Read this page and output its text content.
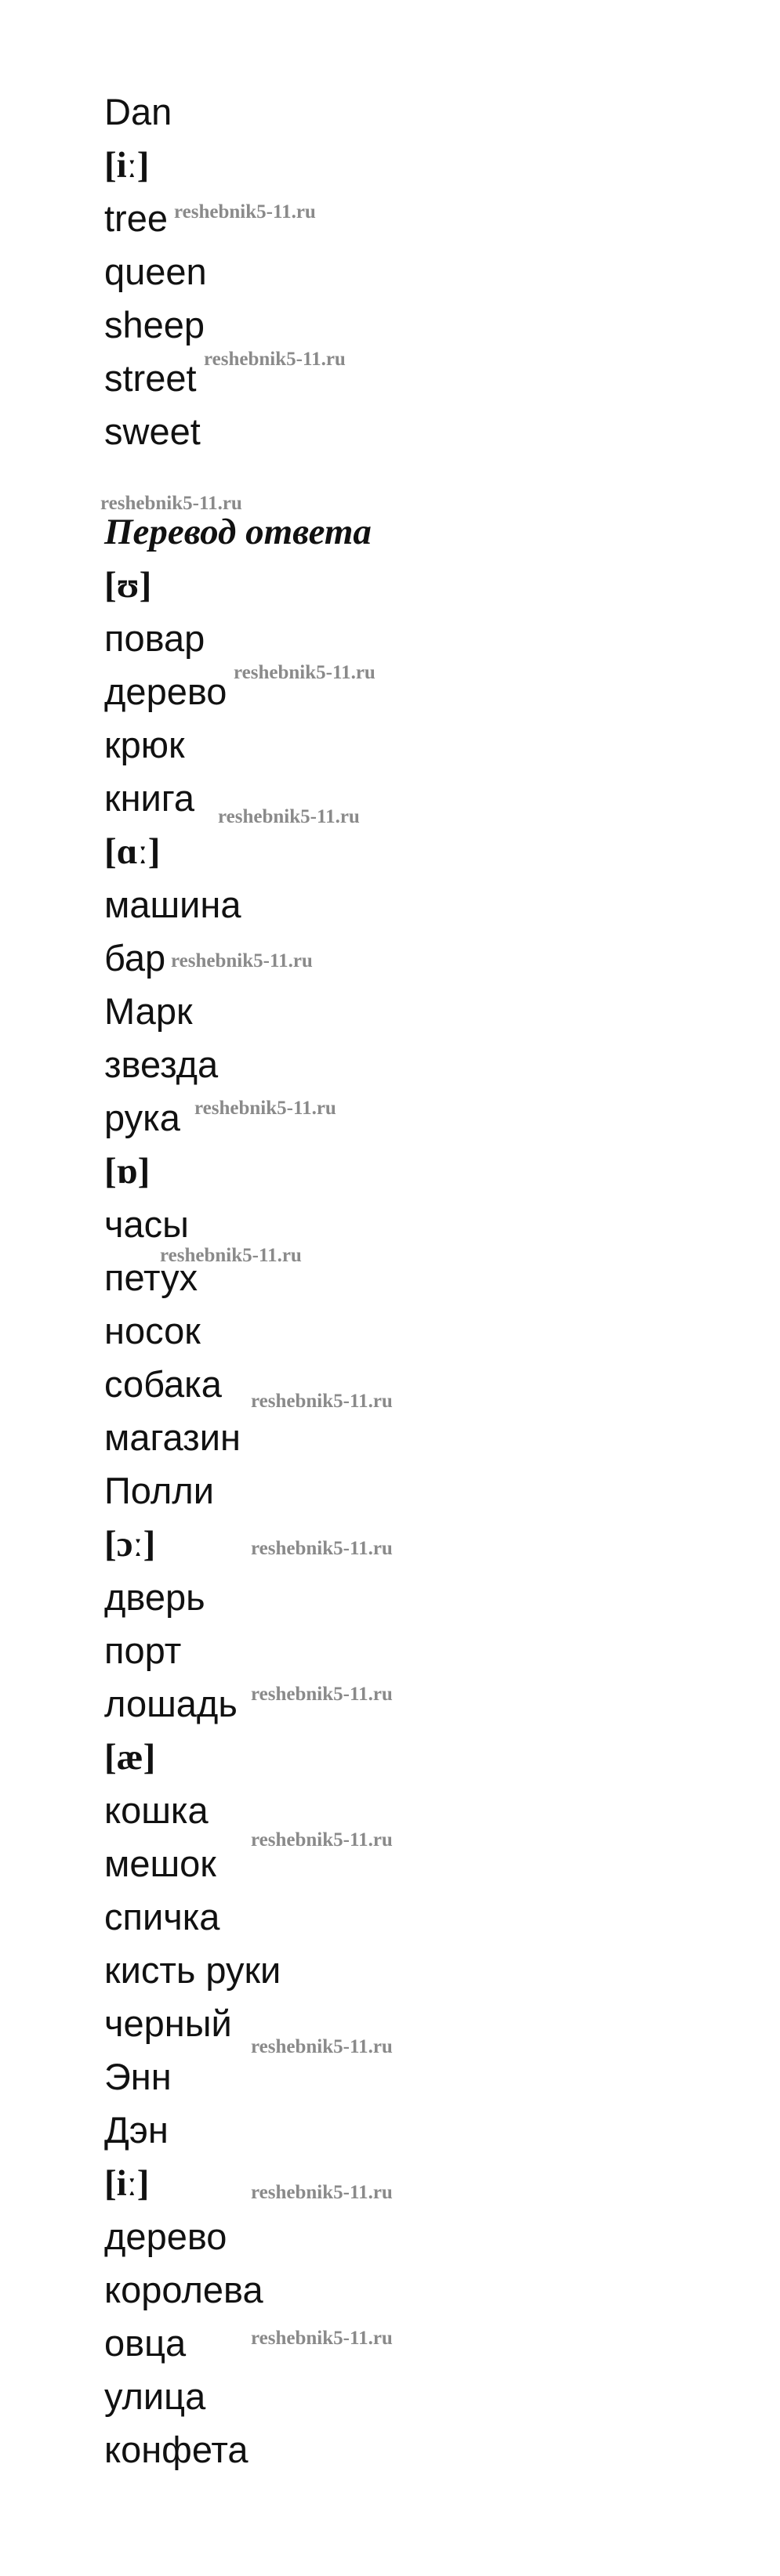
Dan
[iː]
tree
queen
sheep
street
sweet
Перевод ответа
[ʊ]
повар
дерево
крюк
книга
[ɑː]
машина
бар
Марк
звезда
рука
[ɒ]
часы
петух
носок
собака
магазин
Полли
[ɔː]
дверь
порт
лошадь
[æ]
кошка
мешок
спичка
кисть руки
черный
Энн
Дэн
[iː]
дерево
королева
овца
улица
конфета
reshebnik5-11.ru
reshebnik5-11.ru
reshebnik5-11.ru
reshebnik5-11.ru
reshebnik5-11.ru
reshebnik5-11.ru
reshebnik5-11.ru
reshebnik5-11.ru
reshebnik5-11.ru
reshebnik5-11.ru
reshebnik5-11.ru
reshebnik5-11.ru
reshebnik5-11.ru
reshebnik5-11.ru
reshebnik5-11.ru
